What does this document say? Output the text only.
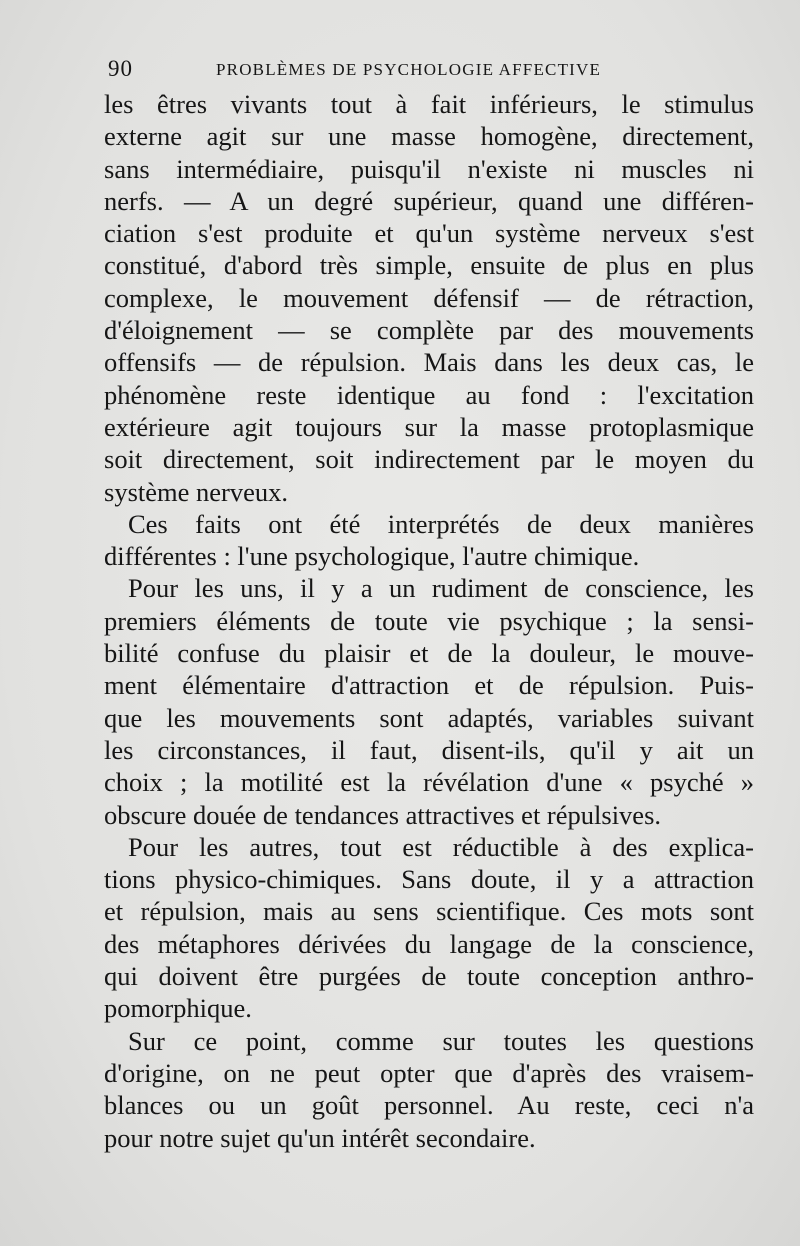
90	PROBLÈMES DE PSYCHOLOGIE AFFECTIVE
les êtres vivants tout à fait inférieurs, le stimulus
externe agit sur une masse homogène, directement,
sans intermédiaire, puisqu'il n'existe ni muscles ni
nerfs. — A un degré supérieur, quand une différen-
ciation s'est produite et qu'un système nerveux s'est
constitué, d'abord très simple, ensuite de plus en plus
complexe, le mouvement défensif — de rétraction,
d'éloignement — se complète par des mouvements
offensifs — de répulsion. Mais dans les deux cas, le
phénomène reste identique au fond : l'excitation
extérieure agit toujours sur la masse protoplasmique
soit directement, soit indirectement par le moyen du
système nerveux.
Ces faits ont été interprétés de deux manières
différentes : l'une psychologique, l'autre chimique.
Pour les uns, il y a un rudiment de conscience, les
premiers éléments de toute vie psychique ; la sensi-
bilité confuse du plaisir et de la douleur, le mouve-
ment élémentaire d'attraction et de répulsion. Puis-
que les mouvements sont adaptés, variables suivant
les circonstances, il faut, disent-ils, qu'il y ait un
choix ; la motilité est la révélation d'une « psyché »
obscure douée de tendances attractives et répulsives.
Pour les autres, tout est réductible à des explica-
tions physico-chimiques. Sans doute, il y a attraction
et répulsion, mais au sens scientifique. Ces mots sont
des métaphores dérivées du langage de la conscience,
qui doivent être purgées de toute conception anthro-
pomorphique.
Sur ce point, comme sur toutes les questions
d'origine, on ne peut opter que d'après des vraisem-
blances ou un goût personnel. Au reste, ceci n'a
pour notre sujet qu'un intérêt secondaire.
